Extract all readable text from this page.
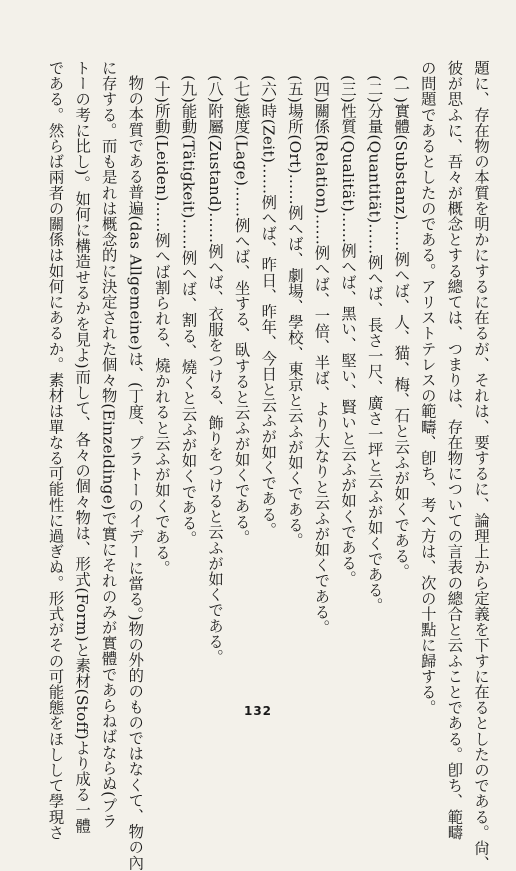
題に、存在物の本質を明かにするに在るが、それは、要するに、論理上から定義を下すに在るとしたのである。尙、
彼が思ふに、吾々が概念とする總ては、つまりは、存在物についての言表の總合と云ふことである。卽ち、範疇
の問題であるとしたのである。アリストテレスの範疇、卽ち、考へ方は、次の十點に歸する。
(一)實體(Substanz)……例へば、人、猫、梅、石と云ふが如くである。
(二)分量(Quantität)……例へば、長さ一尺、廣さ一坪と云ふが如くである。
(三)性質(Qualität)……例へば、黑い、堅い、賢いと云ふが如くである。
(四)關係(Relation)……例へば、一倍、半ば、より大なりと云ふが如くである。
(五)場所(Ort)……例へば、劇場、學校、東京と云ふが如くである。
(六)時(Zeit)……例へば、昨日、昨年、今日と云ふが如くである。
(七)態度(Lage)……例へば、坐する、臥すると云ふが如くである。
(八)附屬(Zustand)……例へば、衣服をつける、飾りをつけると云ふが如くである。
(九)能動(Tätigkeit)……例へば、割る、燒くと云ふが如くである。
(十)所動(Leiden)……例へば割られる、燒かれると云ふが如くである。
物の本質である普遍(das Allgemeine)は、(丁度、プラトーのイデーに當る。)物の外的のものではなくて、物の內
に存する。而も是れは概念的に決定された個々物(Einzeldinge)で實にそれのみが實體であらねばならぬ(プラ
トーの考に比し)。如何に構造せるかを見よ)而して、各々の個々物は、形式(Form)と素材(Stoff)より成る一體
である。然らば兩者の關係は如何にあるか。素材は單なる可能性に過ぎぬ。形式がその可能態をほしして學現さ	132
